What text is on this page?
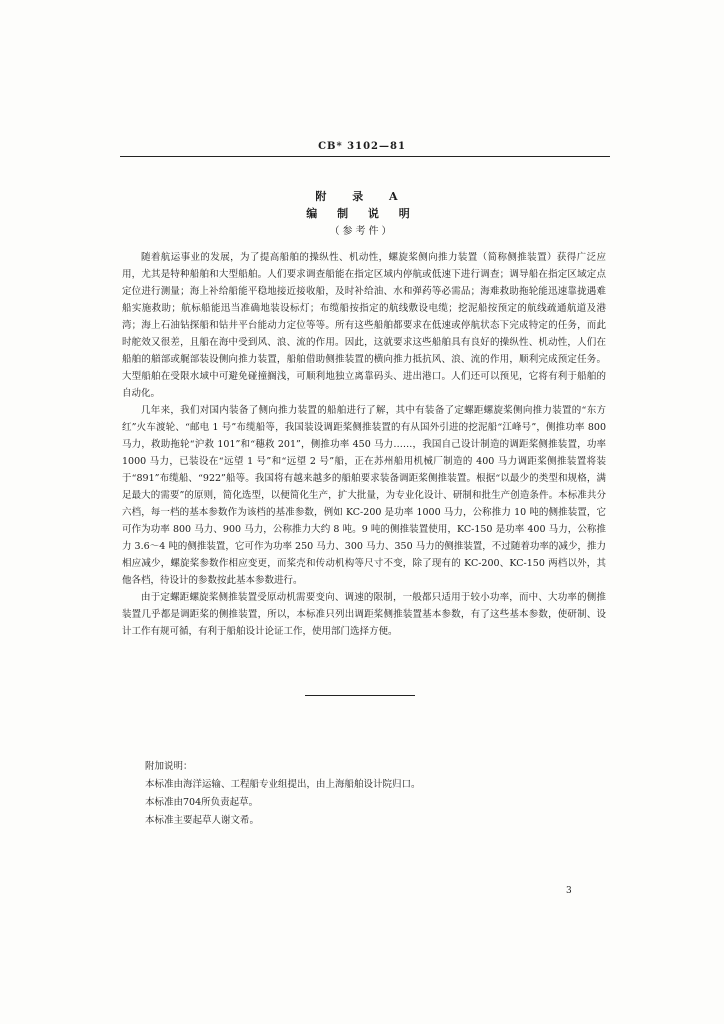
CB* 3102—81
附 录 A
编 制 说 明
（参考件）

随着航运事业的发展，为了提高船舶的操纵性、机动性，螺旋桨侧向推力装置（简称侧推装置）获得广泛应用，尤其是特种船舶和大型船舶。人们要求调查船能在指定区域内停航或低速下进行调查；调导船在指定区域定点定位进行测量；海上补给船能平稳地接近接收船，及时补给油、水和弹药等必需品；海难救助拖轮能迅速靠拢遇难船实施救助；航标船能迅当准确地装设标灯；布缆船按指定的航线敷设电缆；挖泥船按预定的航线疏通航道及港湾；海上石油钻探船和钻井平台能动力定位等等。所有这些船舶都要求在低速或停航状态下完成特定的任务，而此时舵效又很差，且船在海中受到风、浪、流的作用。因此，这就要求这些船舶具有良好的操纵性、机动性，人们在船舶的艏部或艉部装设侧向推力装置，船舶借助侧推装置的横向推力抵抗风、浪、流的作用，顺利完成预定任务。大型船舶在受限水域中可避免碰撞搁浅，可顺利地独立离靠码头、进出港口。人们还可以预见，它将有利于船舶的自动化。

几年来，我们对国内装备了侧向推力装置的船舶进行了解，其中有装备了定螺距螺旋桨侧向推力装置的“东方红”火车渡轮、“邮电 1 号”布缆船等，我国装设调距桨侧推装置的有从国外引进的挖泥船“江峰号”，侧推功率 800 马力，救助拖轮“沪救 101”和“穗救 201”，侧推功率 450 马力……，我国自己设计制造的调距桨侧推装置，功率 1000 马力，已装设在“远望 1 号”和“远望 2 号”船，正在苏州船用机械厂制造的 400 马力调距桨侧推装置将装于“891”布缆船、“922”船等。我国将有越来越多的船舶要求装备调距桨侧推装置。根据“以最少的类型和规格，满足最大的需要”的原则，简化选型，以便简化生产，扩大批量，为专业化设计、研制和批生产创造条件。本标准共分六档，每一档的基本参数作为该档的基准参数，例如 KC-200 是功率 1000 马力，公称推力 10 吨的侧推装置，它可作为功率 800 马力、900 马力，公称推力大约 8 吨。9 吨的侧推装置使用，KC-150 是功率 400 马力，公称推力 3.6～4 吨的侧推装置，它可作为功率 250 马力、300 马力、350 马力的侧推装置，不过随着功率的减少，推力相应减少，螺旋桨参数作相应变更，而桨壳和传动机构等尺寸不变，除了现有的 KC-200、KC-150 两档以外，其他各档，待设计的参数按此基本参数进行。

由于定螺距螺旋桨侧推装置受原动机需要变向、调速的限制，一般都只适用于较小功率，而中、大功率的侧推装置几乎都是调距桨的侧推装置，所以，本标准只列出调距桨侧推装置基本参数，有了这些基本参数，使研制、设计工作有规可循，有利于船舶设计论证工作，使用部门选择方便。

附加说明：
本标准由海洋运输、工程船专业组提出，由上海船舶设计院归口。
本标准由704所负责起草。
本标准主要起草人谢文希。
3
